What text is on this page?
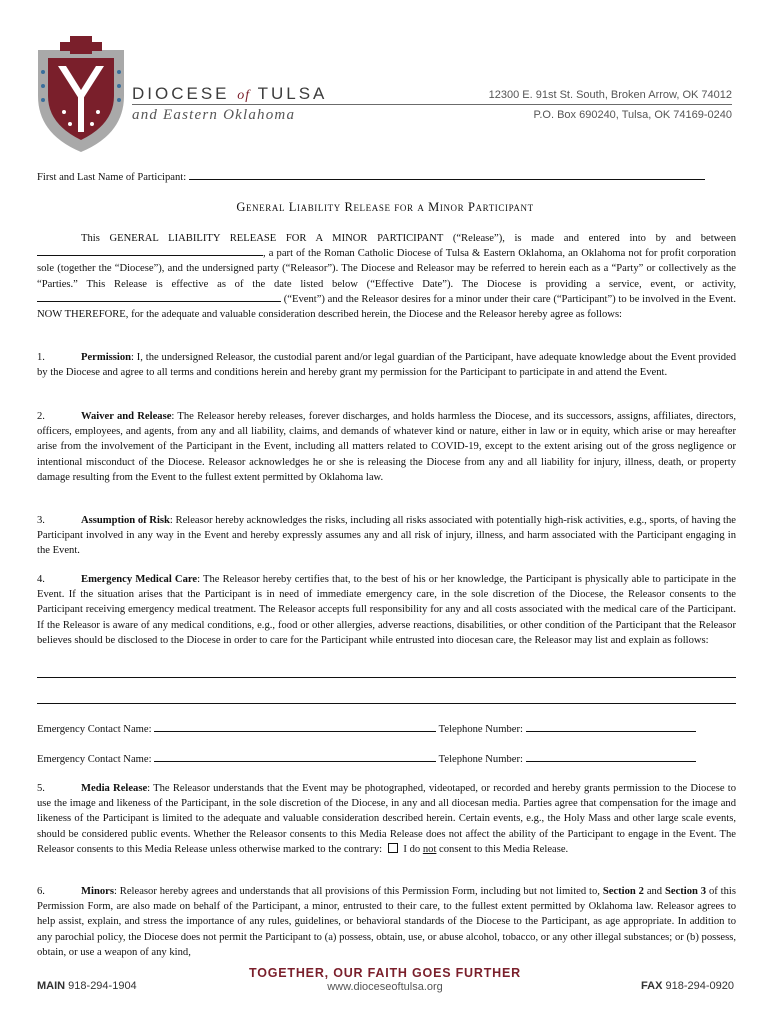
DIOCESE of TULSA
and Eastern Oklahoma
12300 E. 91st St. South, Broken Arrow, OK 74012
P.O. Box 690240, Tulsa, OK 74169-0240
First and Last Name of Participant:
General Liability Release for a Minor Participant
This GENERAL LIABILITY RELEASE FOR A MINOR PARTICIPANT (“Release”), is made and entered into by and between , a part of the Roman Catholic Diocese of Tulsa & Eastern Oklahoma, an Oklahoma not for profit corporation sole (together the “Diocese”), and the undersigned party (“Releasor”). The Diocese and Releasor may be referred to herein each as a “Party” or collectively as the “Parties.” This Release is effective as of the date listed below (“Effective Date”). The Diocese is providing a service, event, or activity,  (“Event”) and the Releasor desires for a minor under their care (“Participant”) to be involved in the Event. NOW THEREFORE, for the adequate and valuable consideration described herein, the Diocese and the Releasor hereby agree as follows:
1.	Permission: I, the undersigned Releasor, the custodial parent and/or legal guardian of the Participant, have adequate knowledge about the Event provided by the Diocese and agree to all terms and conditions herein and hereby grant my permission for the Participant to participate in and attend the Event.
2.	Waiver and Release: The Releasor hereby releases, forever discharges, and holds harmless the Diocese, and its successors, assigns, affiliates, directors, officers, employees, and agents, from any and all liability, claims, and demands of whatever kind or nature, either in law or in equity, which arise or may hereafter arise from the involvement of the Participant in the Event, including all matters related to COVID-19, except to the extent arising out of the gross negligence or intentional misconduct of the Diocese. Releasor acknowledges he or she is releasing the Diocese from any and all liability for injury, illness, death, or property damage resulting from the Event to the fullest extent permitted by Oklahoma law.
3.	Assumption of Risk: Releasor hereby acknowledges the risks, including all risks associated with potentially high-risk activities, e.g., sports, of having the Participant involved in any way in the Event and hereby expressly assumes any and all risk of injury, illness, and harm associated with the Participant engaging in the Event.
4.	Emergency Medical Care: The Releasor hereby certifies that, to the best of his or her knowledge, the Participant is physically able to participate in the Event. If the situation arises that the Participant is in need of immediate emergency care, in the sole discretion of the Diocese, the Releasor consents to the Participant receiving emergency medical treatment. The Releasor accepts full responsibility for any and all costs associated with the medical care of the Participant. If the Releasor is aware of any medical conditions, e.g., food or other allergies, adverse reactions, disabilities, or other condition of the Participant that the Releasor believes should be disclosed to the Diocese in order to care for the Participant while entrusted into diocesan care, the Releasor may list and explain as follows:
Emergency Contact Name:	Telephone Number:
Emergency Contact Name:	Telephone Number:
5.	Media Release: The Releasor understands that the Event may be photographed, videotaped, or recorded and hereby grants permission to the Diocese to use the image and likeness of the Participant, in the sole discretion of the Diocese, in any and all diocesan media. Parties agree that compensation for the image and likeness of the Participant is limited to the adequate and valuable consideration described herein. Certain events, e.g., the Holy Mass and other large scale events, should be considered public events. Whether the Releasor consents to this Media Release does not affect the ability of the Participant to engage in the Event. The Releasor consents to this Media Release unless otherwise marked to the contrary: I do not consent to this Media Release.
6.	Minors: Releasor hereby agrees and understands that all provisions of this Permission Form, including but not limited to, Section 2 and Section 3 of this Permission Form, are also made on behalf of the Participant, a minor, entrusted to their care, to the fullest extent permitted by Oklahoma law. Releasor agrees to help assist, explain, and stress the importance of any rules, guidelines, or behavioral standards of the Diocese to the Participant, as age appropriate. In addition to any parochial policy, the Diocese does not permit the Participant to (a) possess, obtain, use, or abuse alcohol, tobacco, or any other illegal substances; or (b) possess, obtain, or use a weapon of any kind,
MAIN 918-294-1904
TOGETHER, OUR FAITH GOES FURTHER
www.dioceseoftulsa.org	FAX 918-294-0920
